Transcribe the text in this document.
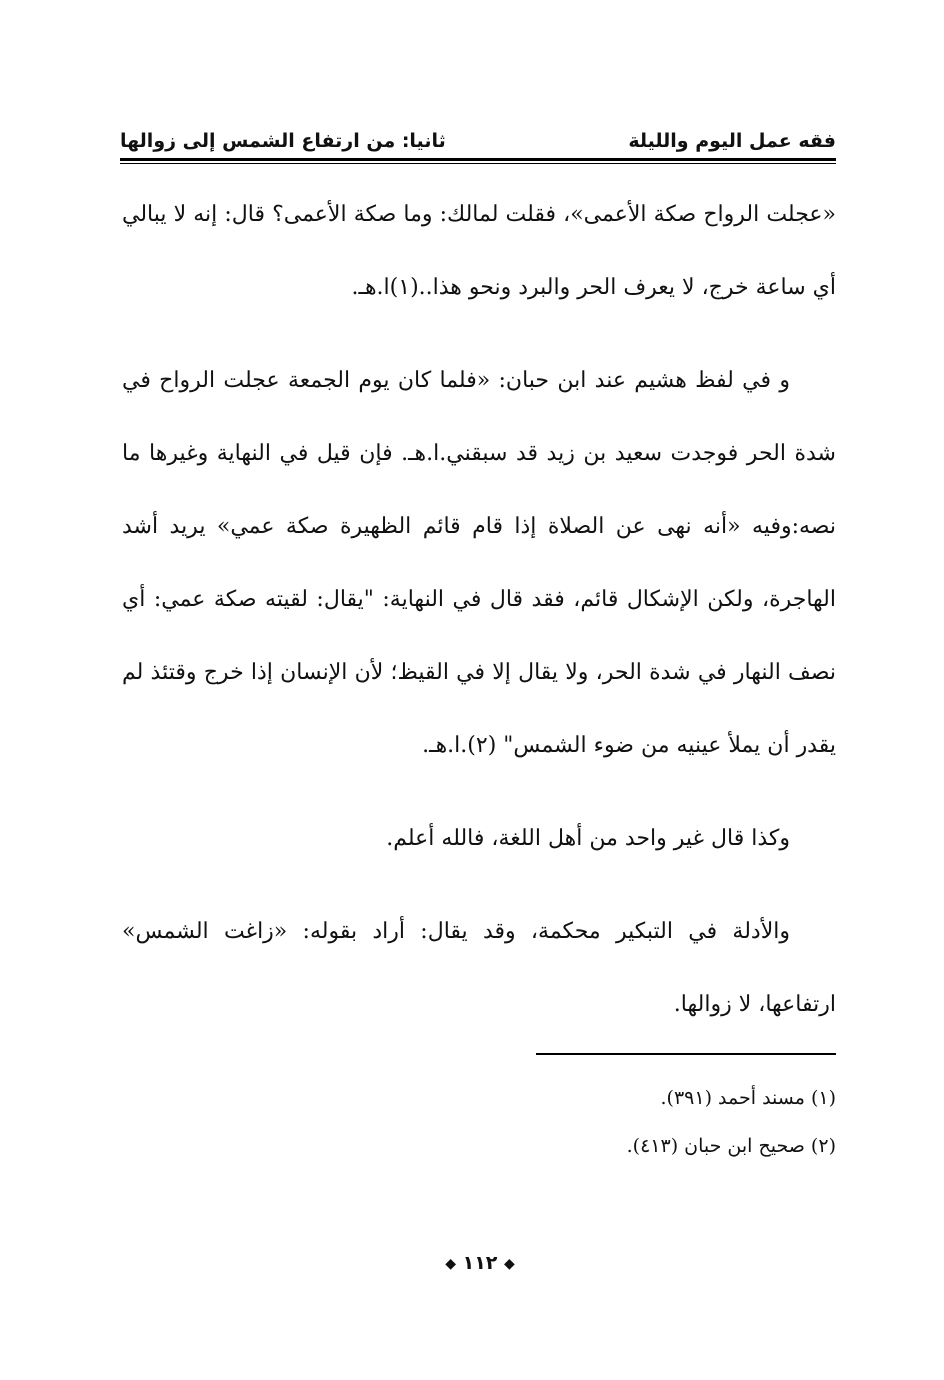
فقه عمل اليوم والليلة
ثانيا: من ارتفاع الشمس إلى زوالها

«عجلت الرواح صكة الأعمى»، فقلت لمالك: وما صكة الأعمى؟ قال: إنه لا يبالي أي ساعة خرج، لا يعرف الحر والبرد ونحو هذا..(١)ا.هـ.

و في لفظ هشيم عند ابن حبان: «فلما كان يوم الجمعة عجلت الرواح في شدة الحر فوجدت سعيد بن زيد قد سبقني.ا.هـ. فإن قيل في النهاية وغيرها ما نصه:وفيه «أنه نهى عن الصلاة إذا قام قائم الظهيرة صكة عمي» يريد أشد الهاجرة، ولكن الإشكال قائم، فقد قال في النهاية: "يقال: لقيته صكة عمي: أي نصف النهار في شدة الحر، ولا يقال إلا في القيظ؛ لأن الإنسان إذا خرج وقتئذ لم يقدر أن يملأ عينيه من ضوء الشمس" (٢).ا.هـ.

وكذا قال غير واحد من أهل اللغة، فالله أعلم.

والأدلة في التبكير محكمة، وقد يقال: أراد بقوله: «زاغت الشمس» ارتفاعها، لا زوالها.

(١) مسند أحمد (٣٩١).

(٢) صحيح ابن حبان (٤١٣).

◆ ١١٢ ◆
